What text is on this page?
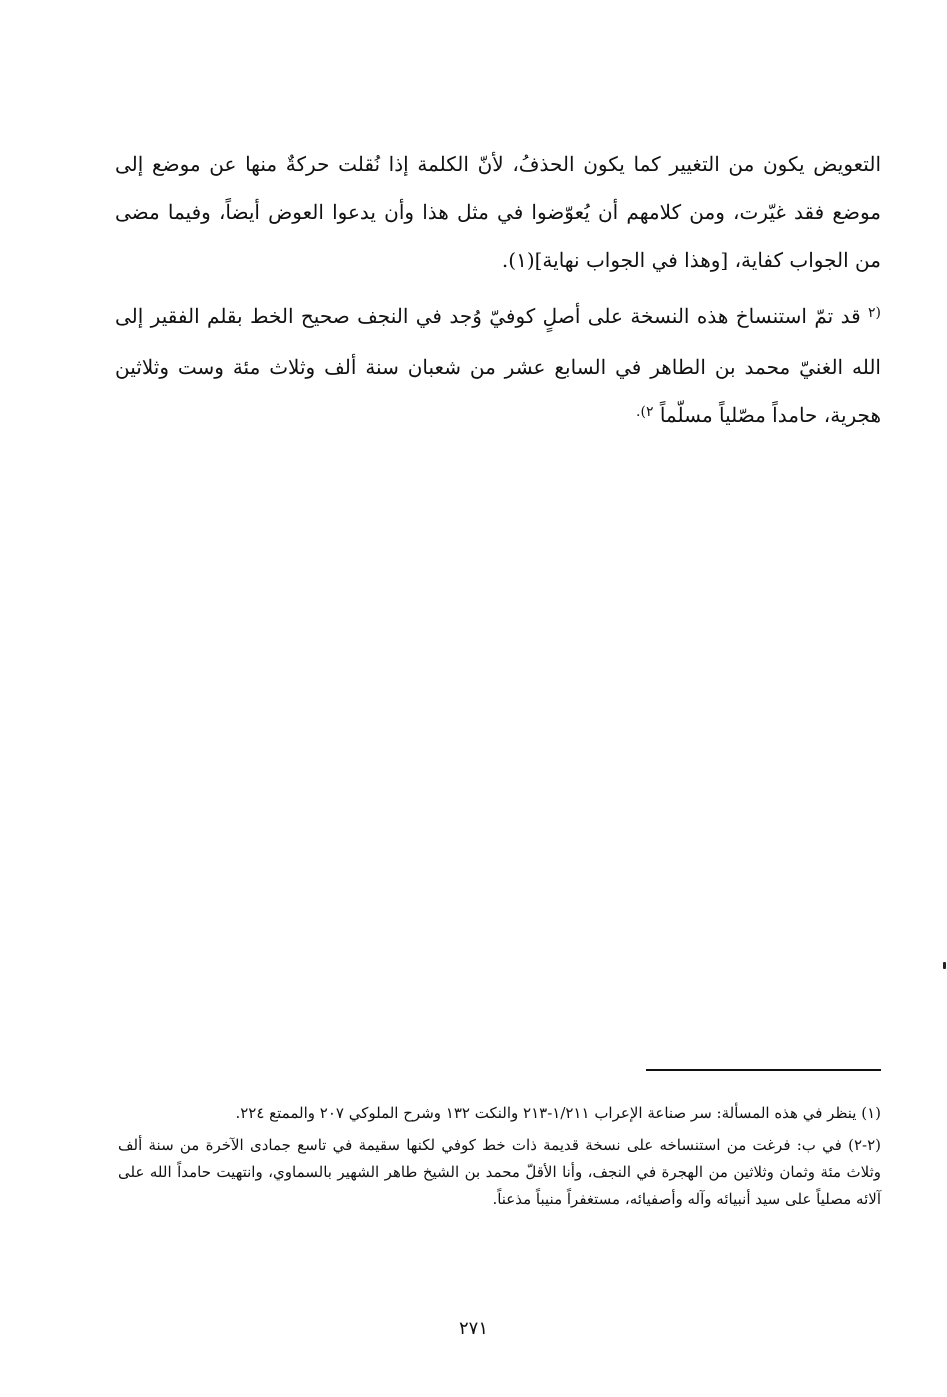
التعويض يكون من التغيير كما يكون الحذفُ، لأنّ الكلمة إذا نُقلت حركةٌ منها عن موضع إلى موضع فقد غيّرت، ومن كلامهم أن يُعوّضوا في مثل هذا وأن يدعوا العوض أيضاً، وفيما مضى من الجواب كفاية، [وهذا في الجواب نهاية](١).

$^{(٢}$ قد تمّ استنساخ هذه النسخة على أصلٍ كوفيّ وُجد في النجف صحيح الخط بقلم الفقير إلى الله الغنيّ محمد بن الطاهر في السابع عشر من شعبان سنة ألف وثلاث مئة وست وثلاثين هجرية، حامداً مصّلياً مسلّماً $^{٢).}$

(١) ينظر في هذه المسألة: سر صناعة الإعراب ١/٢١١-٢١٣ والنكت ١٣٢ وشرح الملوكي ٢٠٧ والممتع ٢٢٤.

(٢-٢) في ب: فرغت من استنساخه على نسخة قديمة ذات خط كوفي لكنها سقيمة في تاسع جمادى الآخرة من سنة ألف وثلاث مئة وثمان وثلاثين من الهجرة في النجف، وأنا الأقلّ محمد بن الشيخ طاهر الشهير بالسماوي، وانتهيت حامداً الله على آلائه مصلياً على سيد أنبيائه وآله وأصفيائه، مستغفراً منيباً مذعناً.

٢٧١
